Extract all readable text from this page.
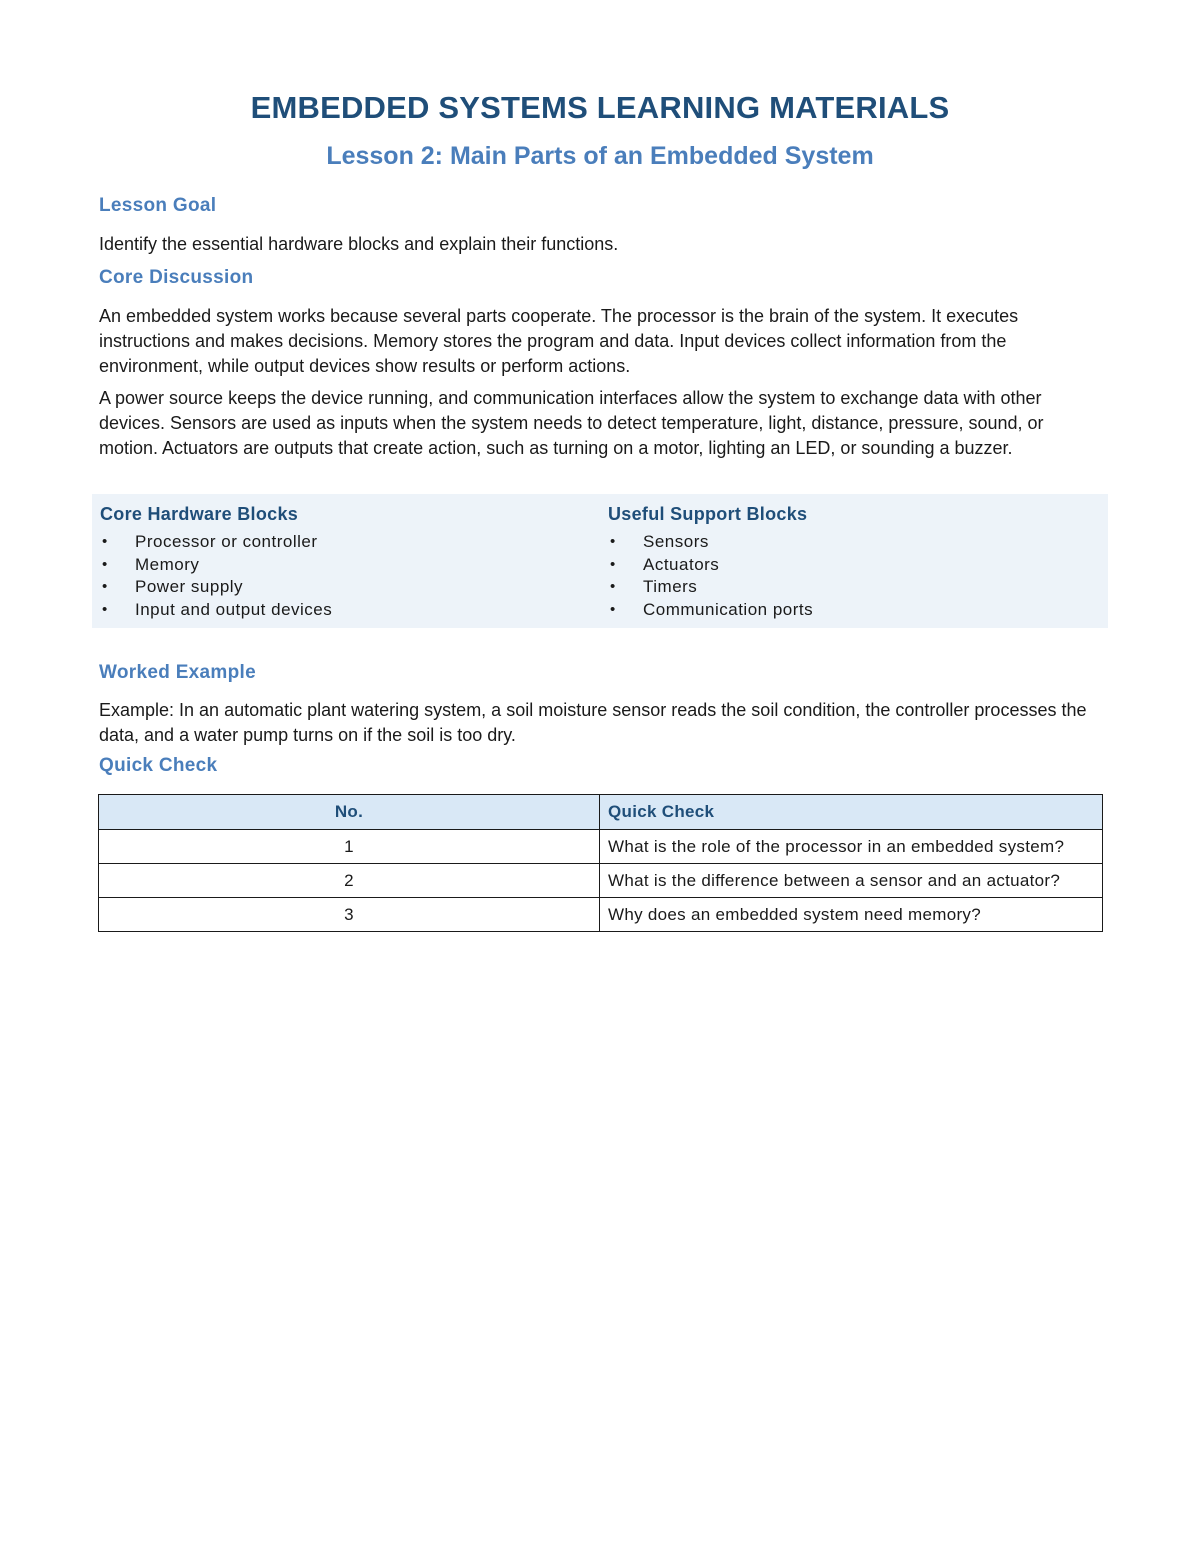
EMBEDDED SYSTEMS LEARNING MATERIALS
Lesson 2: Main Parts of an Embedded System
Lesson Goal

Identify the essential hardware blocks and explain their functions.

Core Discussion

An embedded system works because several parts cooperate. The processor is the brain of the system. It executes instructions and makes decisions. Memory stores the program and data. Input devices collect information from the environment, while output devices show results or perform actions.

A power source keeps the device running, and communication interfaces allow the system to exchange data with other devices. Sensors are used as inputs when the system needs to detect temperature, light, distance, pressure, sound, or motion. Actuators are outputs that create action, such as turning on a motor, lighting an LED, or sounding a buzzer.

Core Hardware Blocks
• Processor or controller
• Memory
• Power supply
• Input and output devices
Useful Support Blocks
• Sensors
• Actuators
• Timers
• Communication ports
Worked Example

Example: In an automatic plant watering system, a soil moisture sensor reads the soil condition, the controller processes the data, and a water pump turns on if the soil is too dry.

Quick Check
No.	Quick Check
1	What is the role of the processor in an embedded system?
2	What is the difference between a sensor and an actuator?
3	Why does an embedded system need memory?
